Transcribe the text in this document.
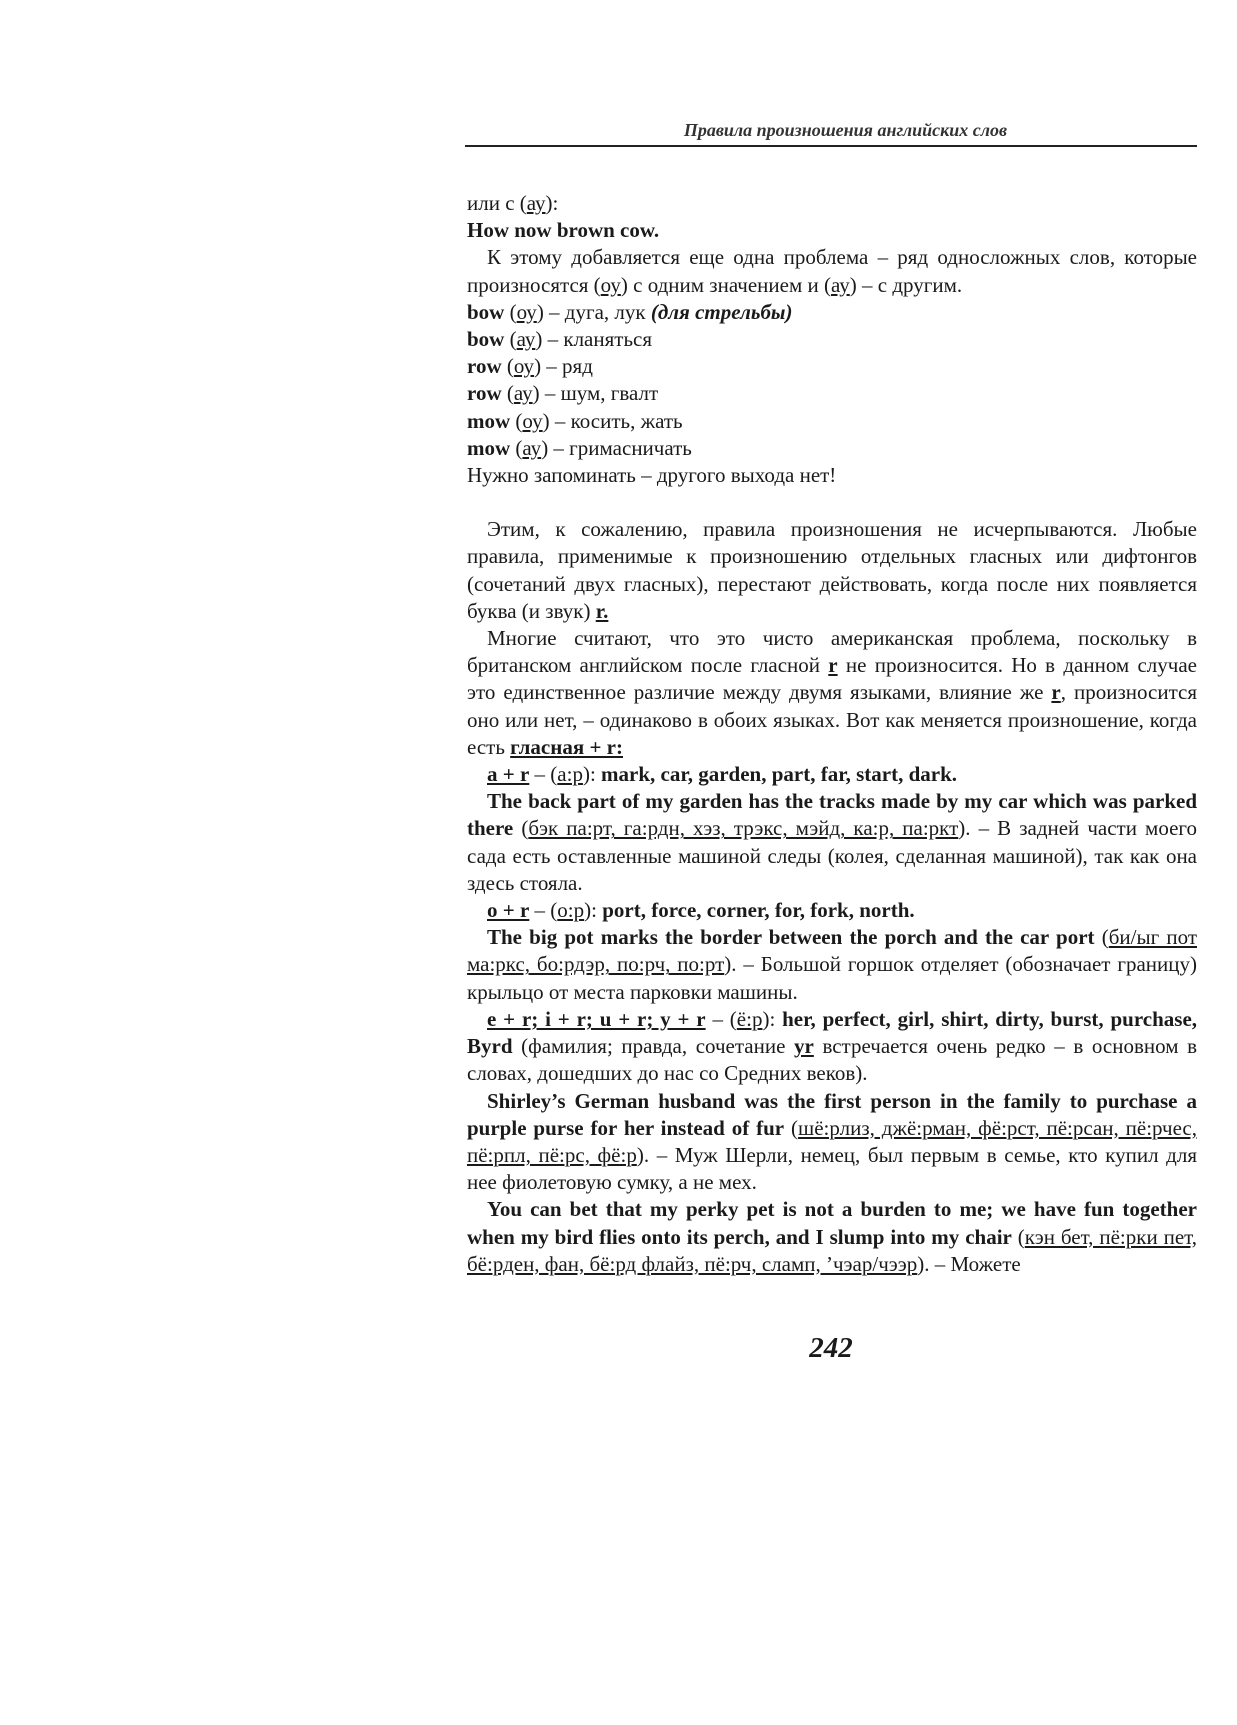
Правила произношения английских слов

или с (ау):

How now brown cow.

К этому добавляется еще одна проблема – ряд односложных слов, которые произносятся (оу) с одним значением и (ау) – с другим.

bow (оу) – дуга, лук (для стрельбы)

bow (ау) – кланяться

row (оу) – ряд

row (ау) – шум, гвалт

mow (оу) – косить, жать

mow (ау) – гримасничать

Нужно запоминать – другого выхода нет!

Этим, к сожалению, правила произношения не исчерпываются. Любые правила, применимые к произношению отдельных гласных или дифтонгов (сочетаний двух гласных), перестают действовать, когда после них появляется буква (и звук) r.

Многие считают, что это чисто американская проблема, поскольку в британском английском после гласной r не произносится. Но в данном случае это единственное различие между двумя языками, влияние же r, произносится оно или нет, – одинаково в обоих языках. Вот как меняется произношение, когда есть гласная + r:

a + r – (а:р): mark, car, garden, part, far, start, dark.

The back part of my garden has the tracks made by my car which was parked there (бэк па:рт, га:рдн, хэз, трэкс, мэйд, ка:р, па:ркт). – В задней части моего сада есть оставленные машиной следы (колея, сделанная машиной), так как она здесь стояла.

o + r – (о:р): port, force, corner, for, fork, north.

The big pot marks the border between the porch and the car port (би/ыг пот ма:ркс, бо:рдэр, по:рч, по:рт). – Большой горшок отделяет (обозначает границу) крыльцо от места парковки машины.

e + r; i + r; u + r; y + r – (ё:р): her, perfect, girl, shirt, dirty, burst, purchase, Byrd (фамилия; правда, сочетание yr встречается очень редко – в основном в словах, дошедших до нас со Средних веков).

Shirley’s German husband was the first person in the family to purchase a purple purse for her instead of fur (шё:рлиз, джё:рман, фё:рст, пё:рсан, пё:рчес, пё:рпл, пё:рс, фё:р). – Муж Шерли, немец, был первым в семье, кто купил для нее фиолетовую сумку, а не мех.

You can bet that my perky pet is not a burden to me; we have fun together when my bird flies onto its perch, and I slump into my chair (кэн бет, пё:рки пет, бё:рден, фан, бё:рд флайз, пё:рч, сламп, ’чэар/чээр). – Можете

242
